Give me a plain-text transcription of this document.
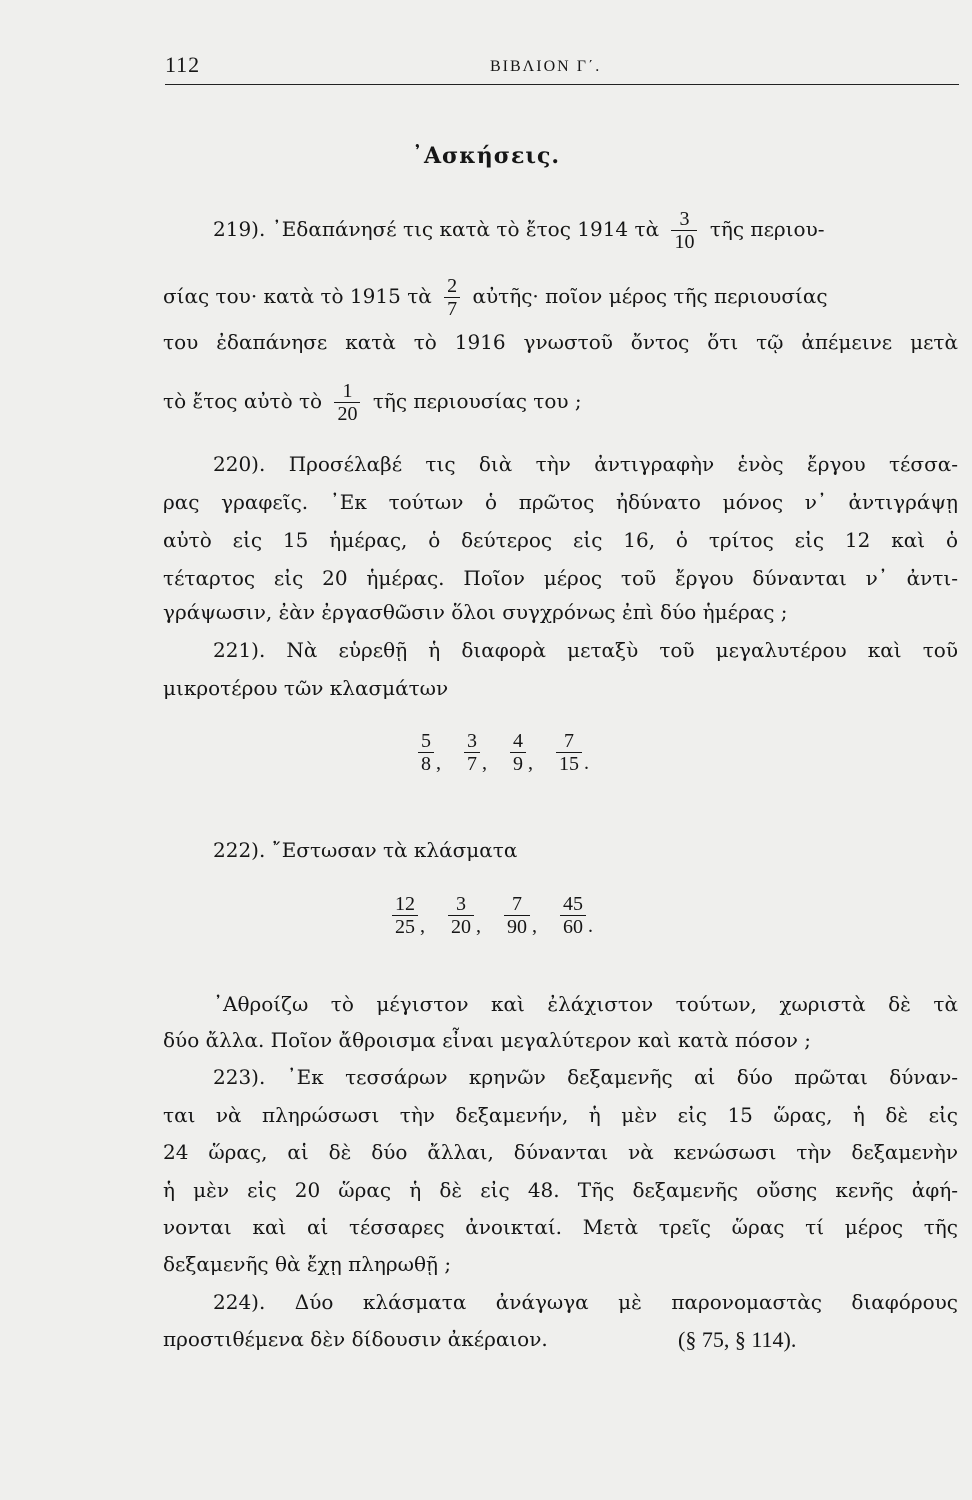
112	ΒΙΒΛΙΟΝ Γ΄.
᾿Ασκήσεις.
219). ᾿Εδαπάνησέ τις κατὰ τὸ ἔτος 1914 τὰ $\frac{3}{10}$ τῆς περιου-
σίας του· κατὰ τὸ 1915 τὰ $\frac{2}{7}$ αὐτῆς· ποῖον μέρος τῆς περιουσίας
του ἐδαπάνησε κατὰ τὸ 1916 γνωστοῦ ὄντος ὅτι τῷ ἀπέμεινε μετὰ
τὸ ἔτος αὐτὸ τὸ $\frac{1}{20}$ τῆς περιουσίας του ;
220). Προσέλαβέ τις διὰ τὴν ἀντιγραφὴν ἑνὸς ἔργου τέσσα-
ρας γραφεῖς. ᾿Εκ τούτων ὁ πρῶτος ἠδύνατο μόνος ν᾿ ἀντιγράψῃ
αὐτὸ εἰς 15 ἡμέρας, ὁ δεύτερος εἰς 16, ὁ τρίτος εἰς 12 καὶ ὁ
τέταρτος εἰς 20 ἡμέρας. Ποῖον μέρος τοῦ ἔργου δύνανται ν᾿ ἀντι-
γράψωσιν, ἐὰν ἐργασθῶσιν ὅλοι συγχρόνως ἐπὶ δύο ἡμέρας ;
221). Νὰ εὑρεθῇ ἡ διαφορὰ μεταξὺ τοῦ μεγαλυτέρου καὶ τοῦ
μικροτέρου τῶν κλασμάτων
$\frac{5}{8}$ , $\frac{3}{7}$ , $\frac{4}{9}$ , $\frac{7}{15}$ .
222). ῎Εστωσαν τὰ κλάσματα
$\frac{12}{25}$ , $\frac{3}{20}$ , $\frac{7}{90}$ , $\frac{45}{60}$ .
᾿Αθροίζω τὸ μέγιστον καὶ ἐλάχιστον τούτων, χωριστὰ δὲ τὰ
δύο ἄλλα. Ποῖον ἄθροισμα εἶναι μεγαλύτερον καὶ κατὰ πόσον ;
223). ᾿Εκ τεσσάρων κρηνῶν δεξαμενῆς αἱ δύο πρῶται δύναν-
ται νὰ πληρώσωσι τὴν δεξαμενήν, ἡ μὲν εἰς 15 ὥρας, ἡ δὲ εἰς
24 ὥρας, αἱ δὲ δύο ἄλλαι, δύνανται νὰ κενώσωσι τὴν δεξαμενὴν
ἡ μὲν εἰς 20 ὥρας ἡ δὲ εἰς 48. Τῆς δεξαμενῆς οὔσης κενῆς ἀφή-
νονται καὶ αἱ τέσσαρες ἀνοικταί. Μετὰ τρεῖς ὥρας τί μέρος τῆς
δεξαμενῆς θὰ ἔχῃ πληρωθῇ ;
224). Δύο κλάσματα ἀνάγωγα μὲ παρονομαστὰς διαφόρους
προστιθέμενα δὲν δίδουσιν ἀκέραιον.	(§ 75, § 114).
